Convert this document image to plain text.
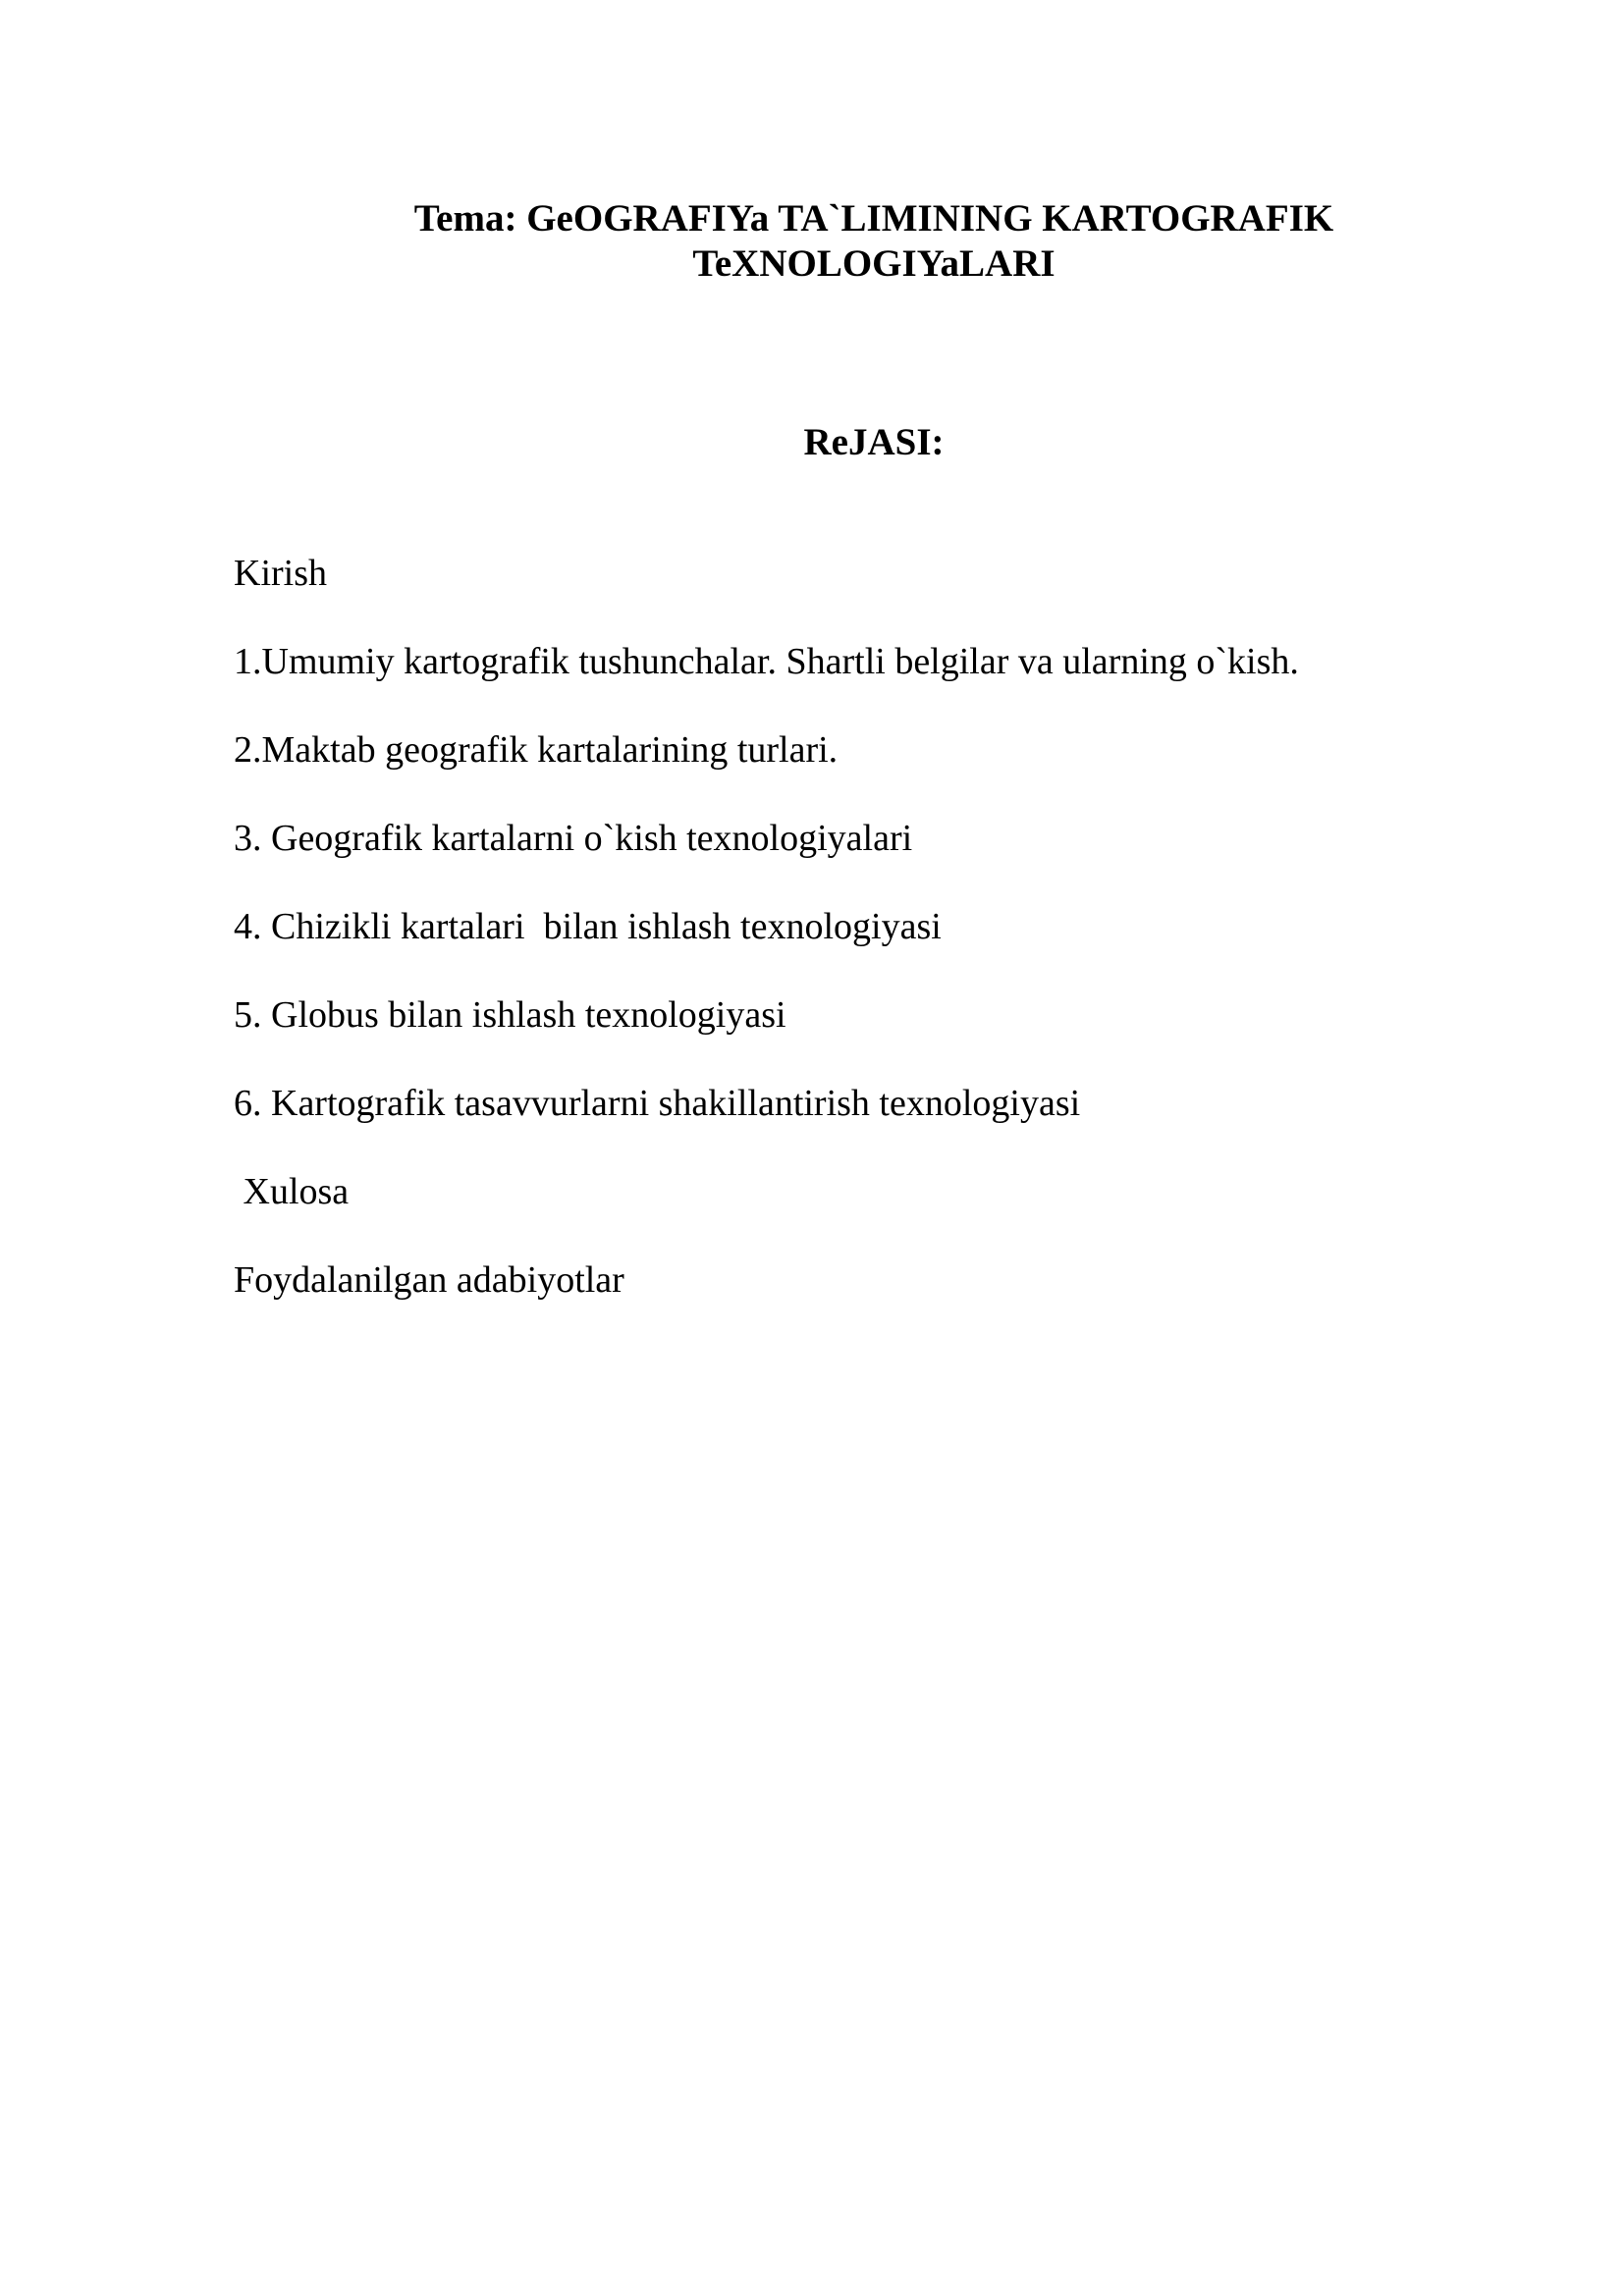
Tema: GeOGRAFIYa TA`LIMINING KARTOGRAFIK
TeXNOLOGIYaLARI
ReJASI:
Kirish
1.Umumiy kartografik tushunchalar. Shartli belgilar va ularning o`kish.
2.Maktab geografik kartalarining turlari.
3. Geografik kartalarni o`kish texnologiyalari
4. Chizikli kartalari  bilan ishlash texnologiyasi
5. Globus bilan ishlash texnologiyasi
6. Kartografik tasavvurlarni shakillantirish texnologiyasi
Xulosa
Foydalanilgan adabiyotlar
